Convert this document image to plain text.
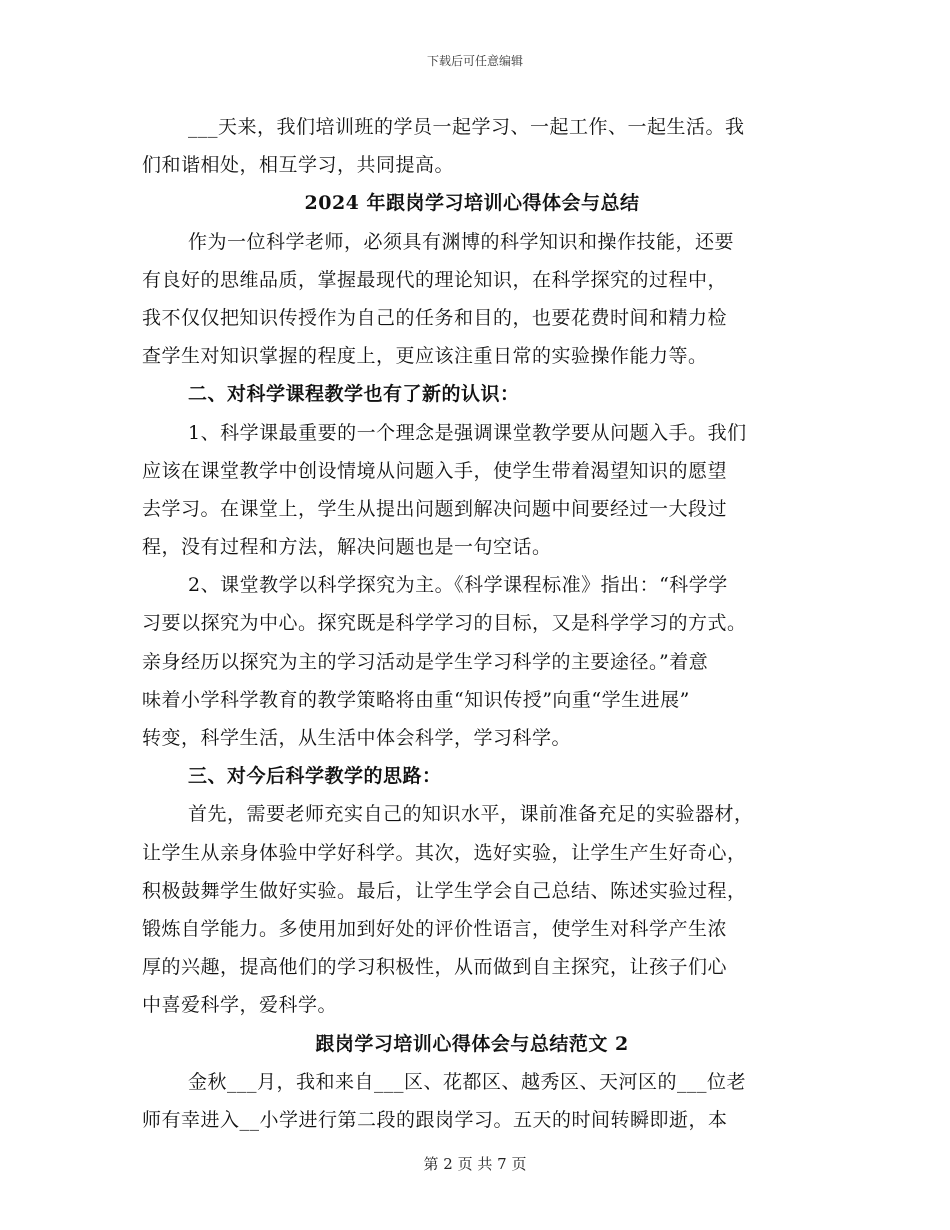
下载后可任意编辑
___天来，我们培训班的学员一起学习、一起工作、一起生活。我
们和谐相处，相互学习，共同提高。
2024 年跟岗学习培训心得体会与总结
作为一位科学老师，必须具有渊博的科学知识和操作技能，还要
有良好的思维品质，掌握最现代的理论知识，在科学探究的过程中，
我不仅仅把知识传授作为自己的任务和目的，也要花费时间和精力检
查学生对知识掌握的程度上，更应该注重日常的实验操作能力等。
二、对科学课程教学也有了新的认识：
1、科学课最重要的一个理念是强调课堂教学要从问题入手。我们
应该在课堂教学中创设情境从问题入手，使学生带着渴望知识的愿望
去学习。在课堂上，学生从提出问题到解决问题中间要经过一大段过
程，没有过程和方法，解决问题也是一句空话。
2、课堂教学以科学探究为主。《科学课程标准》指出：“科学学
习要以探究为中心。探究既是科学学习的目标，又是科学学习的方式。
亲身经历以探究为主的学习活动是学生学习科学的主要途径。”着意
味着小学科学教育的教学策略将由重“知识传授”向重“学生进展”
转变，科学生活，从生活中体会科学，学习科学。
三、对今后科学教学的思路：
首先，需要老师充实自己的知识水平，课前准备充足的实验器材，
让学生从亲身体验中学好科学。其次，选好实验，让学生产生好奇心，
积极鼓舞学生做好实验。最后，让学生学会自己总结、陈述实验过程，
锻炼自学能力。多使用加到好处的评价性语言，使学生对科学产生浓
厚的兴趣，提高他们的学习积极性，从而做到自主探究，让孩子们心
中喜爱科学，爱科学。
跟岗学习培训心得体会与总结范文 2
金秋___月，我和来自___区、花都区、越秀区、天河区的___位老
师有幸进入__小学进行第二段的跟岗学习。五天的时间转瞬即逝，本
第 2 页 共 7 页
